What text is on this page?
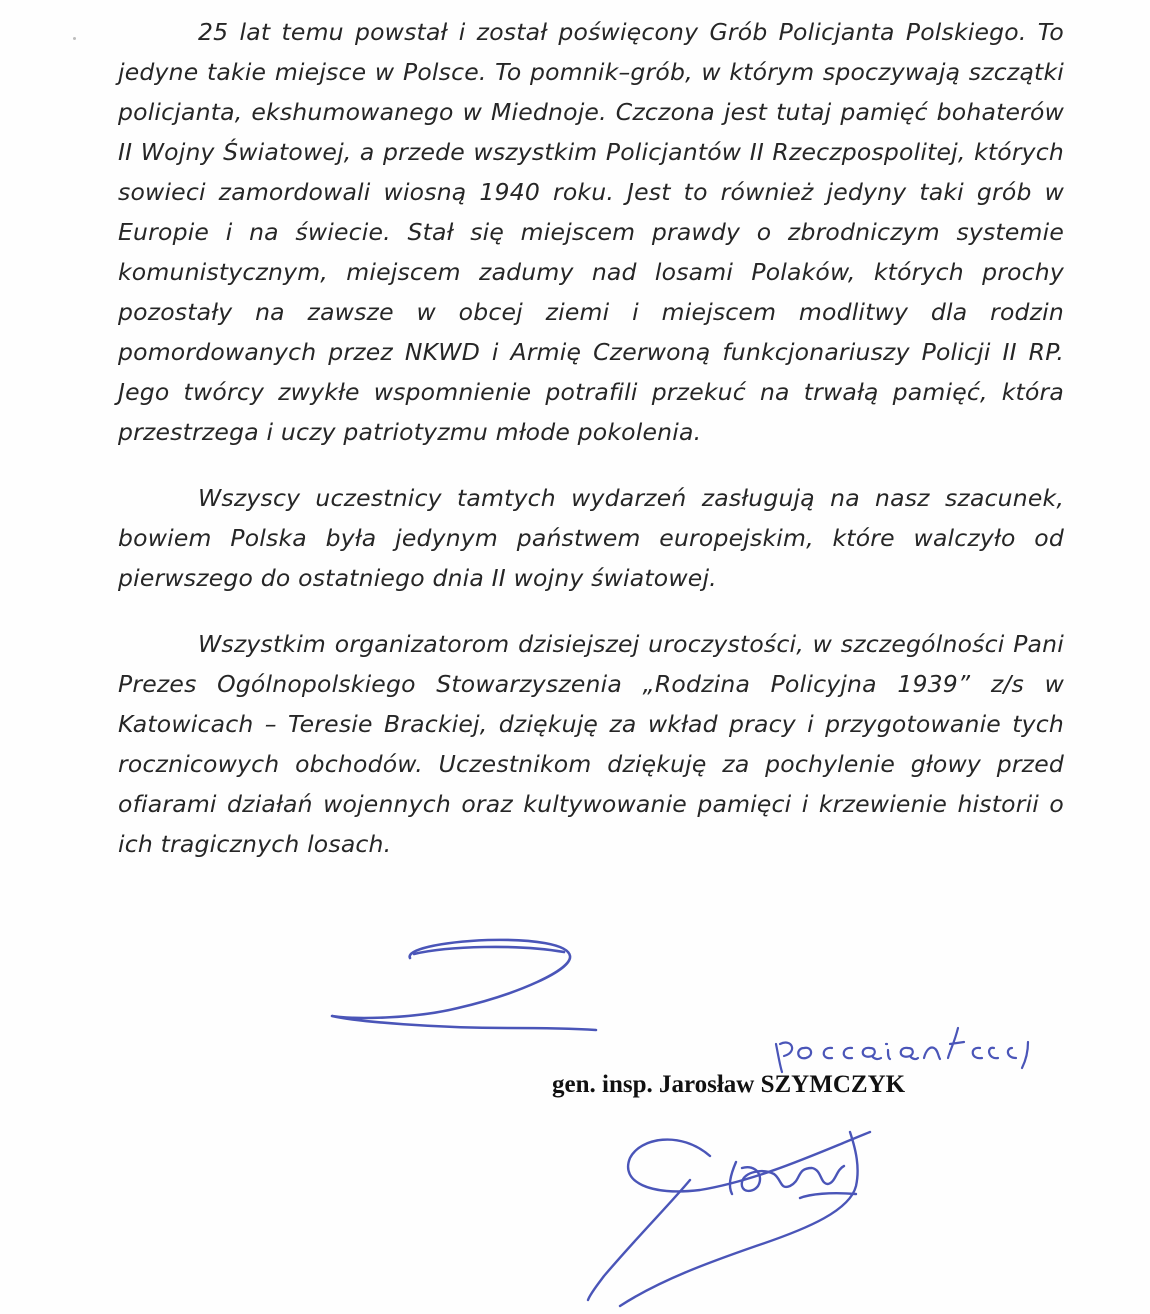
25 lat temu powstał i został poświęcony Grób Policjanta Polskiego. To jedyne takie miejsce w Polsce. To pomnik–grób, w którym spoczywają szczątki policjanta, ekshumowanego w Miednoje. Czczona jest tutaj pamięć bohaterów II Wojny Światowej, a przede wszystkim Policjantów II Rzeczpospolitej, których sowieci zamordowali wiosną 1940 roku. Jest to również jedyny taki grób w Europie i na świecie. Stał się miejscem prawdy o zbrodniczym systemie komunistycznym, miejscem zadumy nad losami Polaków, których prochy pozostały na zawsze w obcej ziemi i miejscem modlitwy dla rodzin pomordowanych przez NKWD i Armię Czerwoną funkcjonariuszy Policji II RP. Jego twórcy zwykłe wspomnienie potrafili przekuć na trwałą pamięć, która przestrzega i uczy patriotyzmu młode pokolenia.

Wszyscy uczestnicy tamtych wydarzeń zasługują na nasz szacunek, bowiem Polska była jedynym państwem europejskim, które walczyło od pierwszego do ostatniego dnia II wojny światowej.

Wszystkim organizatorom dzisiejszej uroczystości, w szczególności Pani Prezes Ogólnopolskiego Stowarzyszenia „Rodzina Policyjna 1939” z/s w Katowicach – Teresie Brackiej, dziękuję za wkład pracy i przygotowanie tych rocznicowych obchodów. Uczestnikom dziękuję za pochylenie głowy przed ofiarami działań wojennych oraz kultywowanie pamięci i krzewienie historii o ich tragicznych losach.

gen. insp. Jarosław SZYMCZYK
